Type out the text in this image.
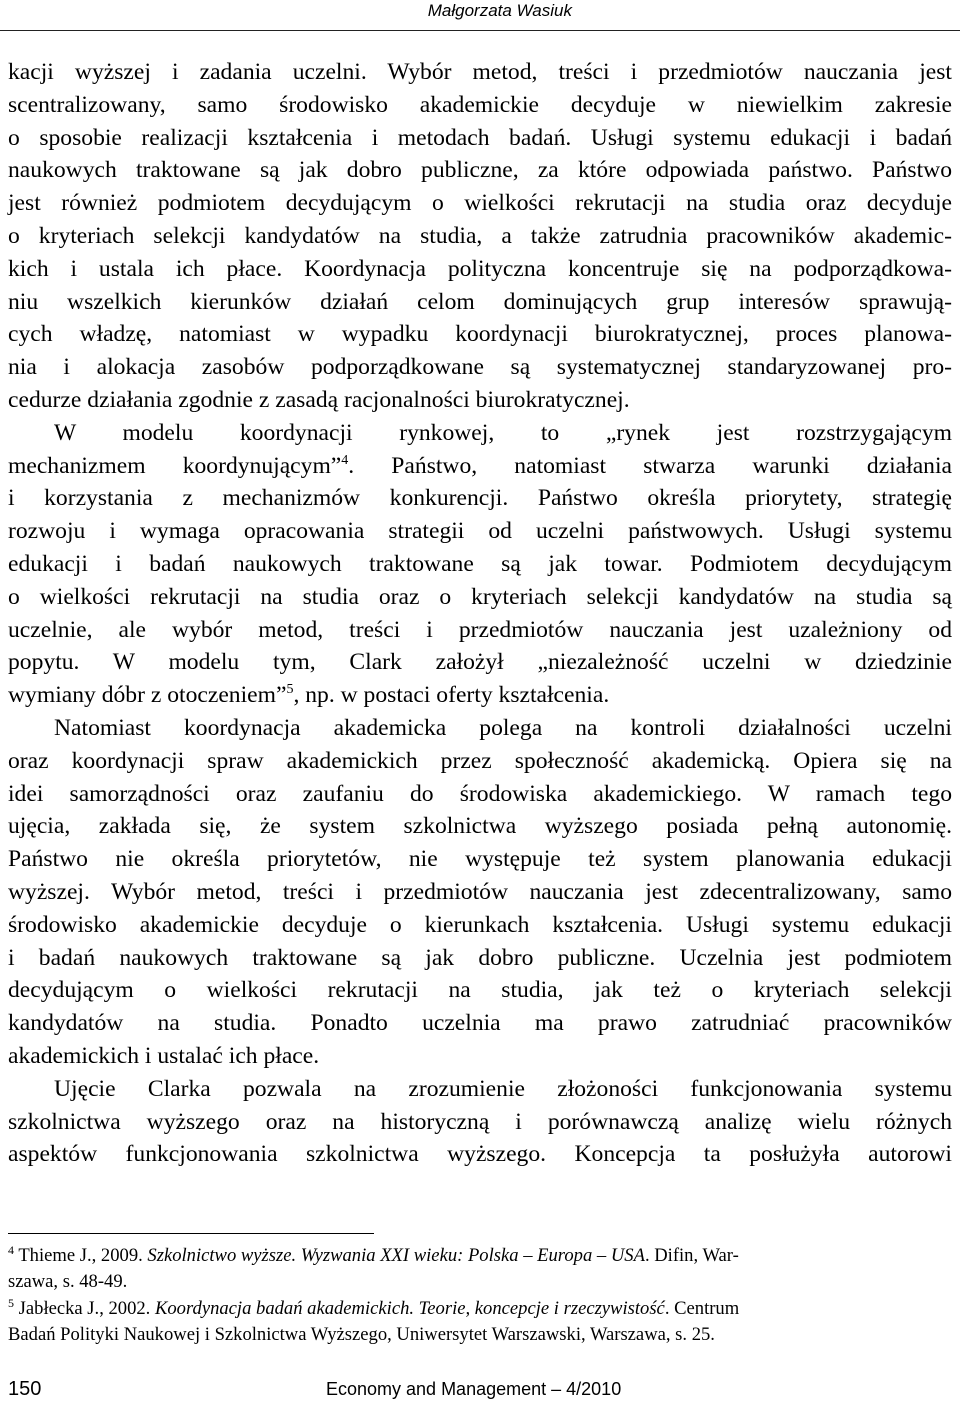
Małgorzata Wasiuk

kacji wyższej i zadania uczelni. Wybór metod, treści i przedmiotów nauczania jest

scentralizowany, samo środowisko akademickie decyduje w niewielkim zakresie

o sposobie realizacji kształcenia i metodach badań. Usługi systemu edukacji i badań

naukowych traktowane są jak dobro publiczne, za które odpowiada państwo. Państwo

jest również podmiotem decydującym o wielkości rekrutacji na studia oraz decyduje

o kryteriach selekcji kandydatów na studia, a także zatrudnia pracowników akademic-

kich i ustala ich płace. Koordynacja polityczna koncentruje się na podporządkowa-

niu wszelkich kierunków działań celom dominujących grup interesów sprawują-

cych władzę, natomiast w wypadku koordynacji biurokratycznej, proces planowa-

nia i alokacja zasobów podporządkowane są systematycznej standaryzowanej pro-

cedurze działania zgodnie z zasadą racjonalności biurokratycznej.

W modelu koordynacji rynkowej, to „rynek jest rozstrzygającym

mechanizmem koordynującym”$^4$. Państwo, natomiast stwarza warunki działania

i korzystania z mechanizmów konkurencji. Państwo określa priorytety, strategię

rozwoju i wymaga opracowania strategii od uczelni państwowych. Usługi systemu

edukacji i badań naukowych traktowane są jak towar. Podmiotem decydującym

o wielkości rekrutacji na studia oraz o kryteriach selekcji kandydatów na studia są

uczelnie, ale wybór metod, treści i przedmiotów nauczania jest uzależniony od

popytu. W modelu tym, Clark założył „niezależność uczelni w dziedzinie

wymiany dóbr z otoczeniem”$^5$, np. w postaci oferty kształcenia.

Natomiast koordynacja akademicka polega na kontroli działalności uczelni

oraz koordynacji spraw akademickich przez społeczność akademicką. Opiera się na

idei samorządności oraz zaufaniu do środowiska akademickiego. W ramach tego

ujęcia, zakłada się, że system szkolnictwa wyższego posiada pełną autonomię.

Państwo nie określa priorytetów, nie występuje też system planowania edukacji

wyższej. Wybór metod, treści i przedmiotów nauczania jest zdecentralizowany, samo

środowisko akademickie decyduje o kierunkach kształcenia. Usługi systemu edukacji

i badań naukowych traktowane są jak dobro publiczne. Uczelnia jest podmiotem

decydującym o wielkości rekrutacji na studia, jak też o kryteriach selekcji

kandydatów na studia. Ponadto uczelnia ma prawo zatrudniać pracowników

akademickich i ustalać ich płace.

Ujęcie Clarka pozwala na zrozumienie złożoności funkcjonowania systemu

szkolnictwa wyższego oraz na historyczną i porównawczą analizę wielu różnych

aspektów funkcjonowania szkolnictwa wyższego. Koncepcja ta posłużyła autorowi

$^4$ Thieme J., 2009. Szkolnictwo wyższe. Wyzwania XXI wieku: Polska – Europa – USA. Difin, War-
szawa, s. 48-49.

$^5$ Jabłecka J., 2002. Koordynacja badań akademickich. Teorie, koncepcje i rzeczywistość. Centrum
Badań Polityki Naukowej i Szkolnictwa Wyższego, Uniwersytet Warszawski, Warszawa, s. 25.

150	Economy and Management – 4/2010
